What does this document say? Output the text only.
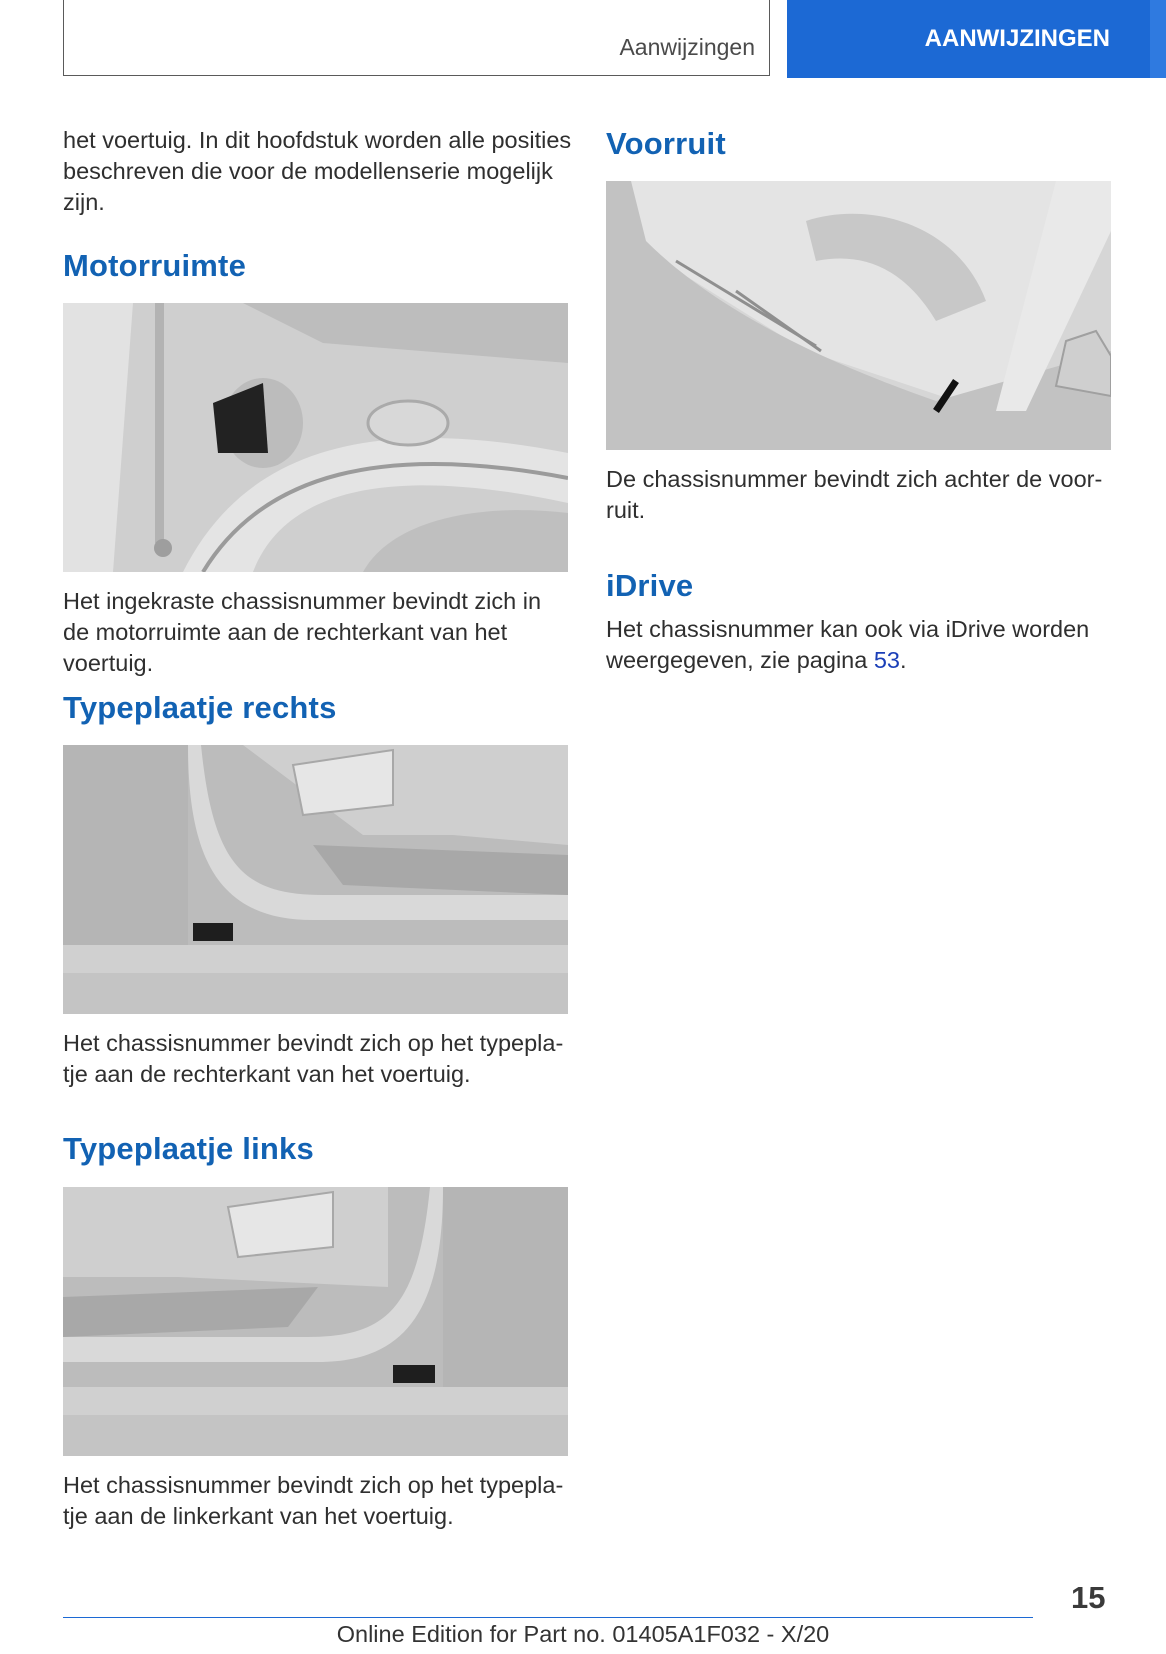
Aanwijzingen	AANWIJZINGEN
het voertuig. In dit hoofdstuk worden alle posities beschreven die voor de modellenserie mogelijk zijn.
Motorruimte
Het ingekraste chassisnummer bevindt zich in de motorruimte aan de rechterkant van het voertuig.
Typeplaatje rechts
Het chassisnummer bevindt zich op het typeplatje aan de rechterkant van het voertuig.
Typeplaatje links
Het chassisnummer bevindt zich op het typeplatje aan de linkerkant van het voertuig.
Voorruit
De chassisnummer bevindt zich achter de voorruit.
iDrive
Het chassisnummer kan ook via iDrive worden weergegeven, zie pagina 53.
15
Online Edition for Part no. 01405A1F032 - X/20
